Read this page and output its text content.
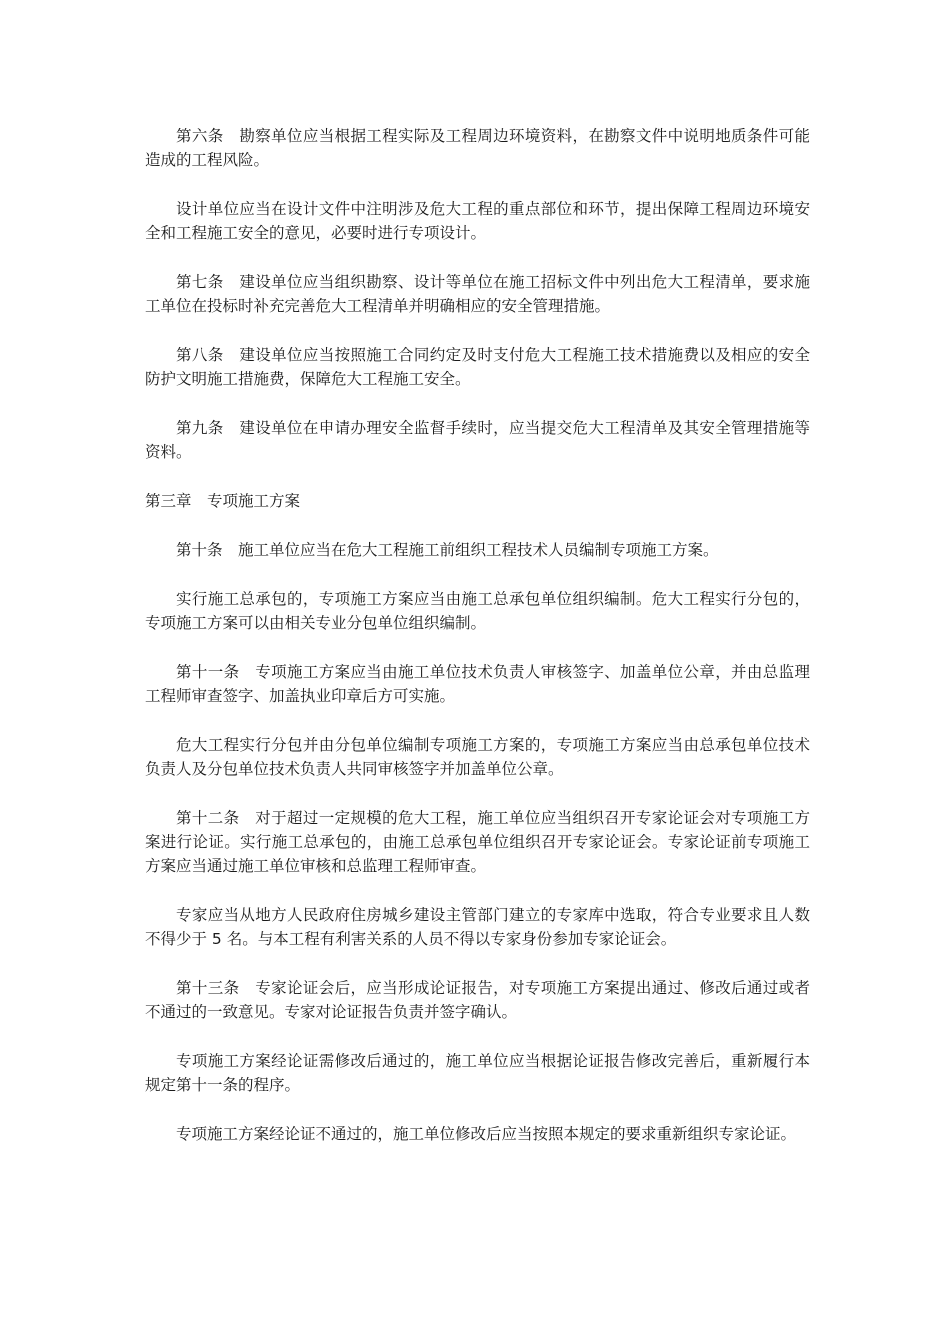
第六条　勘察单位应当根据工程实际及工程周边环境资料，在勘察文件中说明地质条件可能造成的工程风险。

设计单位应当在设计文件中注明涉及危大工程的重点部位和环节，提出保障工程周边环境安全和工程施工安全的意见，必要时进行专项设计。

第七条　建设单位应当组织勘察、设计等单位在施工招标文件中列出危大工程清单，要求施工单位在投标时补充完善危大工程清单并明确相应的安全管理措施。

第八条　建设单位应当按照施工合同约定及时支付危大工程施工技术措施费以及相应的安全防护文明施工措施费，保障危大工程施工安全。

第九条　建设单位在申请办理安全监督手续时，应当提交危大工程清单及其安全管理措施等资料。

第三章　专项施工方案

第十条　施工单位应当在危大工程施工前组织工程技术人员编制专项施工方案。

实行施工总承包的，专项施工方案应当由施工总承包单位组织编制。危大工程实行分包的，专项施工方案可以由相关专业分包单位组织编制。

第十一条　专项施工方案应当由施工单位技术负责人审核签字、加盖单位公章，并由总监理工程师审查签字、加盖执业印章后方可实施。

危大工程实行分包并由分包单位编制专项施工方案的，专项施工方案应当由总承包单位技术负责人及分包单位技术负责人共同审核签字并加盖单位公章。

第十二条　对于超过一定规模的危大工程，施工单位应当组织召开专家论证会对专项施工方案进行论证。实行施工总承包的，由施工总承包单位组织召开专家论证会。专家论证前专项施工方案应当通过施工单位审核和总监理工程师审查。

专家应当从地方人民政府住房城乡建设主管部门建立的专家库中选取，符合专业要求且人数不得少于 5 名。与本工程有利害关系的人员不得以专家身份参加专家论证会。

第十三条　专家论证会后，应当形成论证报告，对专项施工方案提出通过、修改后通过或者不通过的一致意见。专家对论证报告负责并签字确认。

专项施工方案经论证需修改后通过的，施工单位应当根据论证报告修改完善后，重新履行本规定第十一条的程序。

专项施工方案经论证不通过的，施工单位修改后应当按照本规定的要求重新组织专家论证。
